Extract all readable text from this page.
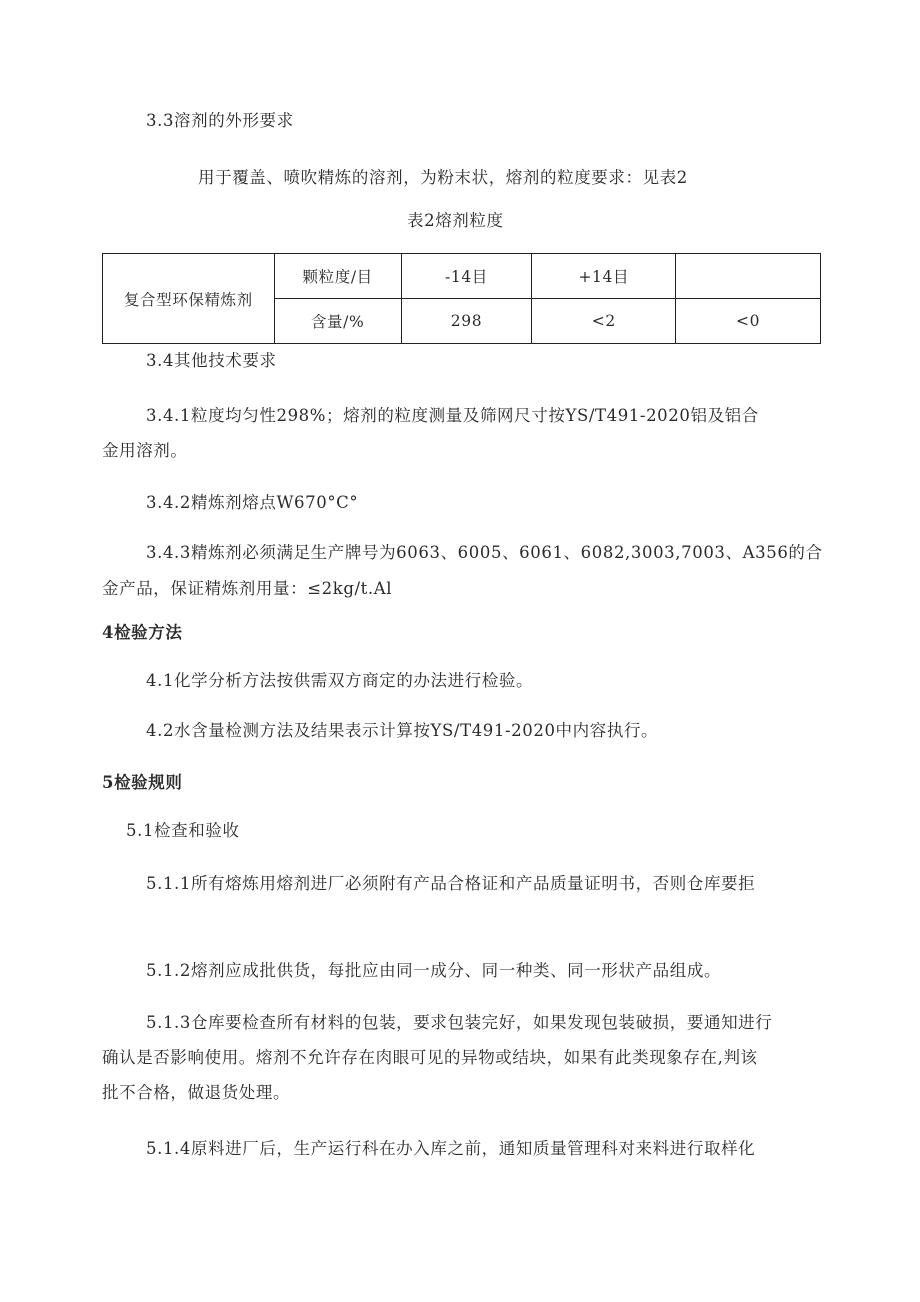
3.3溶剂的外形要求
用于覆盖、喷吹精炼的溶剂，为粉末状，熔剂的粒度要求：见表2
表2熔剂粒度
复合型环保精炼剂	颗粒度/目	-14目	+14目	
	含量/%	298	<2	<0
3.4其他技术要求
3.4.1粒度均匀性298%；熔剂的粒度测量及筛网尺寸按YS/T491-2020铝及铝合
金用溶剂。
3.4.2精炼剂熔点W670°C°
3.4.3精炼剂必须满足生产牌号为6063、6005、6061、6082,3003,7003、A356的合
金产品，保证精炼剂用量：≤2kg/t.Al
4检验方法
4.1化学分析方法按供需双方商定的办法进行检验。
4.2水含量检测方法及结果表示计算按YS/T491-2020中内容执行。
5检验规则
5.1检查和验收
5.1.1所有熔炼用熔剂进厂必须附有产品合格证和产品质量证明书，否则仓库要拒
5.1.2熔剂应成批供货，每批应由同一成分、同一种类、同一形状产品组成。
5.1.3仓库要检查所有材料的包装，要求包装完好，如果发现包装破损，要通知进行
确认是否影响使用。熔剂不允许存在肉眼可见的异物或结块，如果有此类现象存在,判该
批不合格，做退货处理。
5.1.4原料进厂后，生产运行科在办入库之前，通知质量管理科对来料进行取样化
